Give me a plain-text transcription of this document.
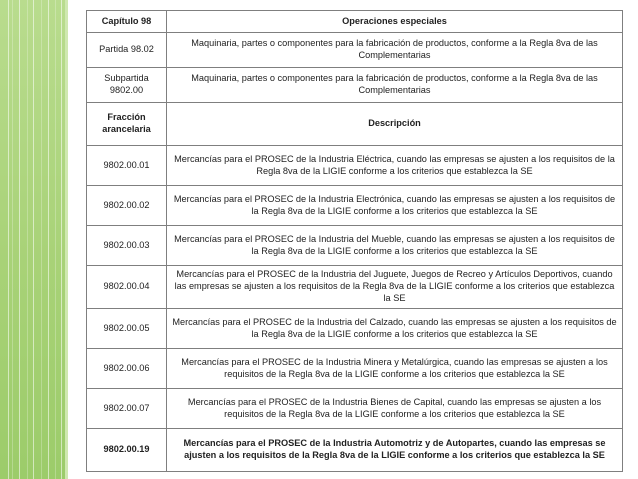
Capítulo 98	Operaciones especiales
Partida 98.02	Maquinaria, partes o componentes para la fabricación de productos, conforme a la Regla 8va de las Complementarias
Subpartida 9802.00	Maquinaria, partes o componentes para la fabricación de productos, conforme a la Regla 8va de las Complementarias
Fracción arancelaria	Descripción
9802.00.01	Mercancías para el PROSEC de la Industria Eléctrica, cuando las empresas se ajusten a los requisitos de la Regla 8va de la LIGIE conforme a los criterios que establezca la SE
9802.00.02	Mercancías para el PROSEC de la Industria Electrónica, cuando las empresas se ajusten a los requisitos de la Regla 8va de la LIGIE conforme a los criterios que establezca la SE
9802.00.03	Mercancías para el PROSEC de la Industria del Mueble, cuando las empresas se ajusten a los requisitos de la Regla 8va de la LIGIE conforme a los criterios que establezca la SE
9802.00.04	Mercancías para el PROSEC de la Industria del Juguete, Juegos de Recreo y Artículos Deportivos, cuando las empresas se ajusten a los requisitos de la Regla 8va de la LIGIE conforme a los criterios que establezca la SE
9802.00.05	Mercancías para el PROSEC de la Industria del Calzado, cuando las empresas se ajusten a los requisitos de la Regla 8va de la LIGIE conforme a los criterios que establezca la SE
9802.00.06	Mercancías para el PROSEC de la Industria Minera y Metalúrgica, cuando las empresas se ajusten a los requisitos de la Regla 8va de la LIGIE conforme a los criterios que establezca la SE
9802.00.07	Mercancías para el PROSEC de la Industria Bienes de Capital, cuando las empresas se ajusten a los requisitos de la Regla 8va de la LIGIE conforme a los criterios que establezca la SE
9802.00.19	Mercancías para el PROSEC de la Industria Automotriz y de Autopartes, cuando las empresas se ajusten a los requisitos de la Regla 8va de la LIGIE conforme a los criterios que establezca la SE
